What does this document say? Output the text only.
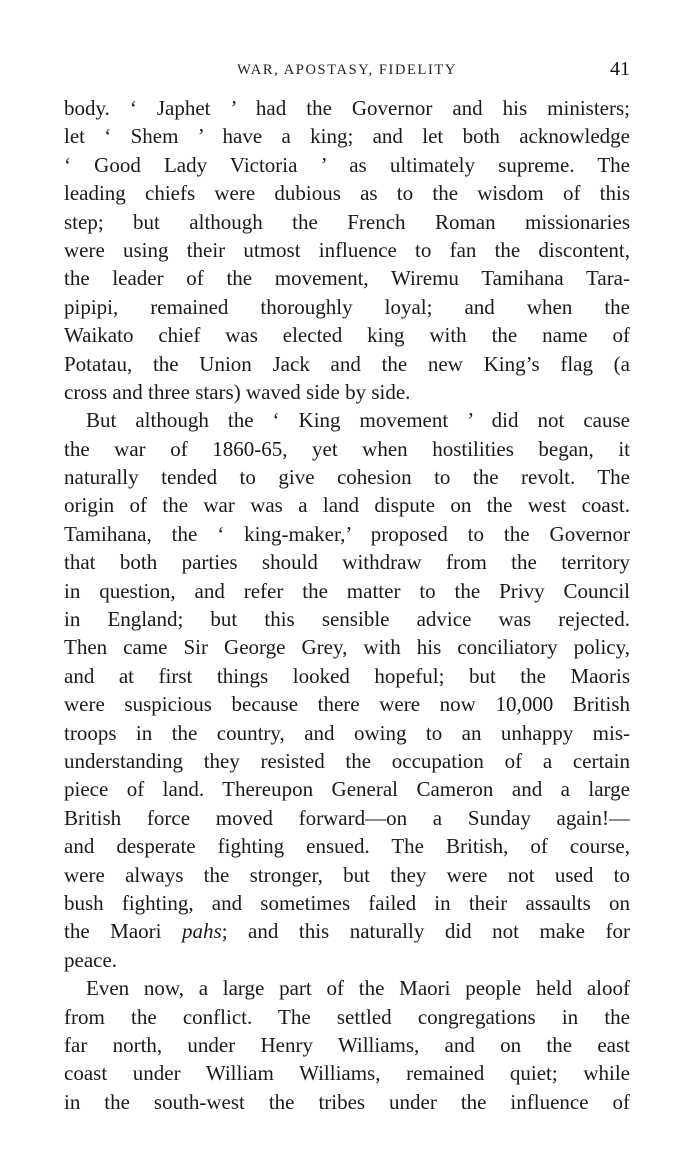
WAR, APOSTASY, FIDELITY	41

body. ‘ Japhet ’ had the Governor and his ministers;
let ‘ Shem ’ have a king; and let both acknowledge
‘ Good Lady Victoria ’ as ultimately supreme. The
leading chiefs were dubious as to the wisdom of this
step; but although the French Roman missionaries
were using their utmost influence to fan the discontent,
the leader of the movement, Wiremu Tamihana Tara-
pipipi, remained thoroughly loyal; and when the
Waikato chief was elected king with the name of
Potatau, the Union Jack and the new King’s flag (a
cross and three stars) waved side by side.

But although the ‘ King movement ’ did not cause
the war of 1860-65, yet when hostilities began, it
naturally tended to give cohesion to the revolt. The
origin of the war was a land dispute on the west coast.
Tamihana, the ‘ king-maker,’ proposed to the Governor
that both parties should withdraw from the territory
in question, and refer the matter to the Privy Council
in England; but this sensible advice was rejected.
Then came Sir George Grey, with his conciliatory policy,
and at first things looked hopeful; but the Maoris
were suspicious because there were now 10,000 British
troops in the country, and owing to an unhappy mis-
understanding they resisted the occupation of a certain
piece of land. Thereupon General Cameron and a large
British force moved forward—on a Sunday again!—
and desperate fighting ensued. The British, of course,
were always the stronger, but they were not used to
bush fighting, and sometimes failed in their assaults on
the Maori pahs; and this naturally did not make for
peace.

Even now, a large part of the Maori people held aloof
from the conflict. The settled congregations in the
far north, under Henry Williams, and on the east
coast under William Williams, remained quiet; while
in the south-west the tribes under the influence of
